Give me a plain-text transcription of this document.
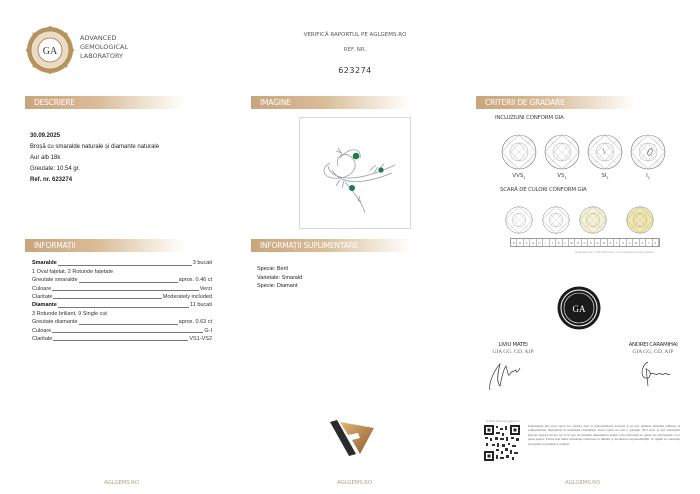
GA
ADVANCED
GEMOLOGICAL
LABORATORY
VERIFICĂ RAPORTUL PE AGLGEMS.RO
REF. NR.
623274
DESCRIERE	IMAGINE	CRITERII DE GRADARE
INFORMAȚII	INFORMAȚII SUPLIMENTARE
30.09.2025
Broșă cu smaralde naturale și diamante naturale
Aur alb 18k
Greutate: 10.54 gr.
Ref. nr. 623274
Smaralde	3 bucati
1 Oval fațetat, 2 Rotunde fațetate
Greutate smaralde	aprox. 0.46 ct
Culoare	Verzi
Claritate	Moderately included
Diamante	11 bucati
3 Rotunde briliant, 9 Single cut
Greutate diamante	aprox. 0.63 ct
Culoare	G-I
Claritate	VS1-VS2
Specie: Beril
Varietate: Smarald
Specie: Diamant
INCLUZIUNI CONFORM GIA
$VVS_1$	$VS_1$	$SI_1$	$I_1$
SCARĂ DE CULORI CONFORM GIA
D	E	F	G	H	I	J	K	L	M	N	O	P	Q	R	S	T	U	V	W	X	Y	Z
Imaginea este cu titlu informativ, nu se folosește pentru gradare
GA
LIVIU MATEI
GIA GG, GD, AJP
ANDREI CARAMIHAI
GIA GG, GD, AJP
AGLGEMS.RO	AGLGEMS.RO	AGLGEMS.RO
Verifică raportul pe aglgems.ro
Informațiile din acest raport fac referire doar la piatra/bijuteria descrisă și au fost obținute utilizând tehnicile și echipamentele disponibile în momentul examinării. Acest raport nu este o garanție. Nici AGL și nici semnatarii (fiecare expert) săi nu vor fi, în nici un moment răspunzători pentru orice diferență de opinie sau discrepanță ce ar putea apărea. Pentru mai multe informații referitoare la limitări și declinarea responsabilității, vă rugăm să consultați AGLgems.ro/termeni și condiții.
